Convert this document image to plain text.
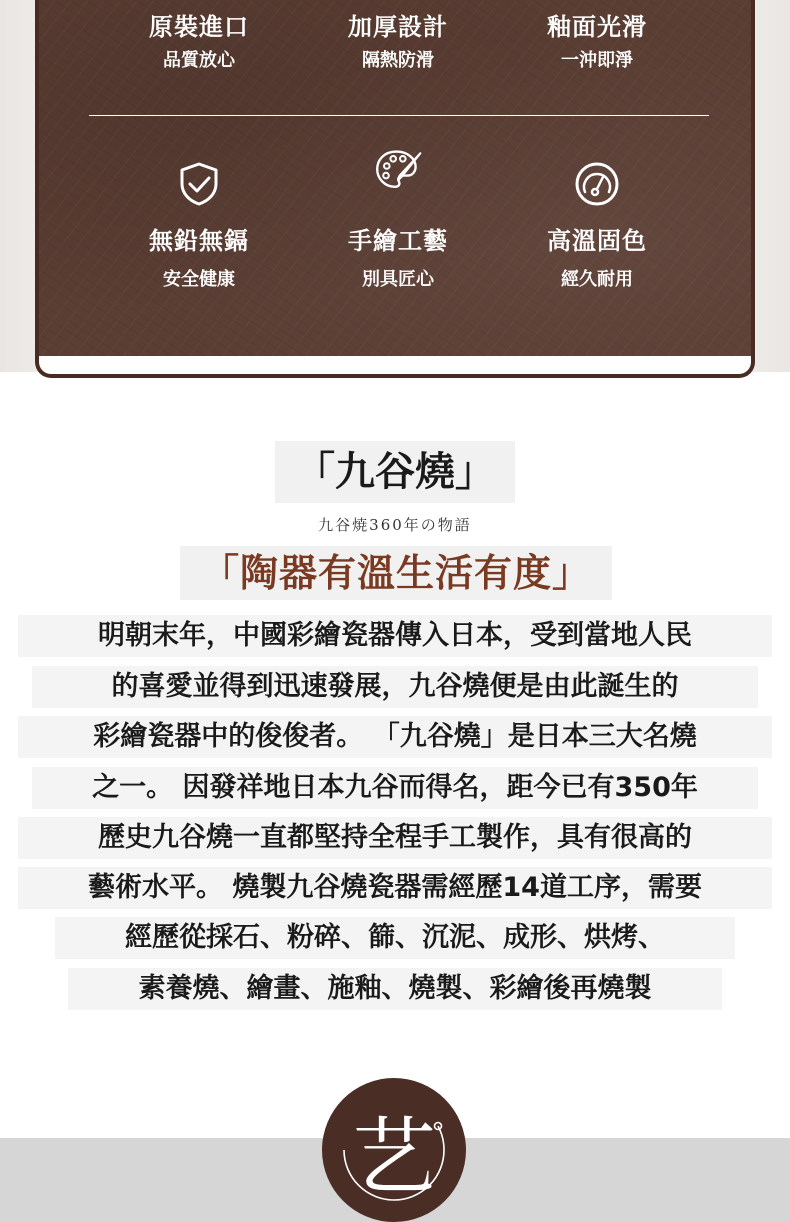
原裝進口
品質放心
加厚設計
隔熱防滑
釉面光滑
一沖即淨
無鉛無鎘
安全健康
手繪工藝
別具匠心
高溫固色
經久耐用
「九谷燒」
九谷焼360年の物語
「陶器有溫生活有度」
明朝末年，中國彩繪瓷器傳入日本，受到當地人民
的喜愛並得到迅速發展，九谷燒便是由此誕生的
彩繪瓷器中的俊俊者。 「九谷燒」是日本三大名燒
之一。 因發祥地日本九谷而得名，距今已有350年
歷史九谷燒一直都堅持全程手工製作，具有很高的
藝術水平。 燒製九谷燒瓷器需經歷14道工序，需要
經歷從採石、粉碎、篩、沉泥、成形、烘烤、
素養燒、繪畫、施釉、燒製、彩繪後再燒製
艺
